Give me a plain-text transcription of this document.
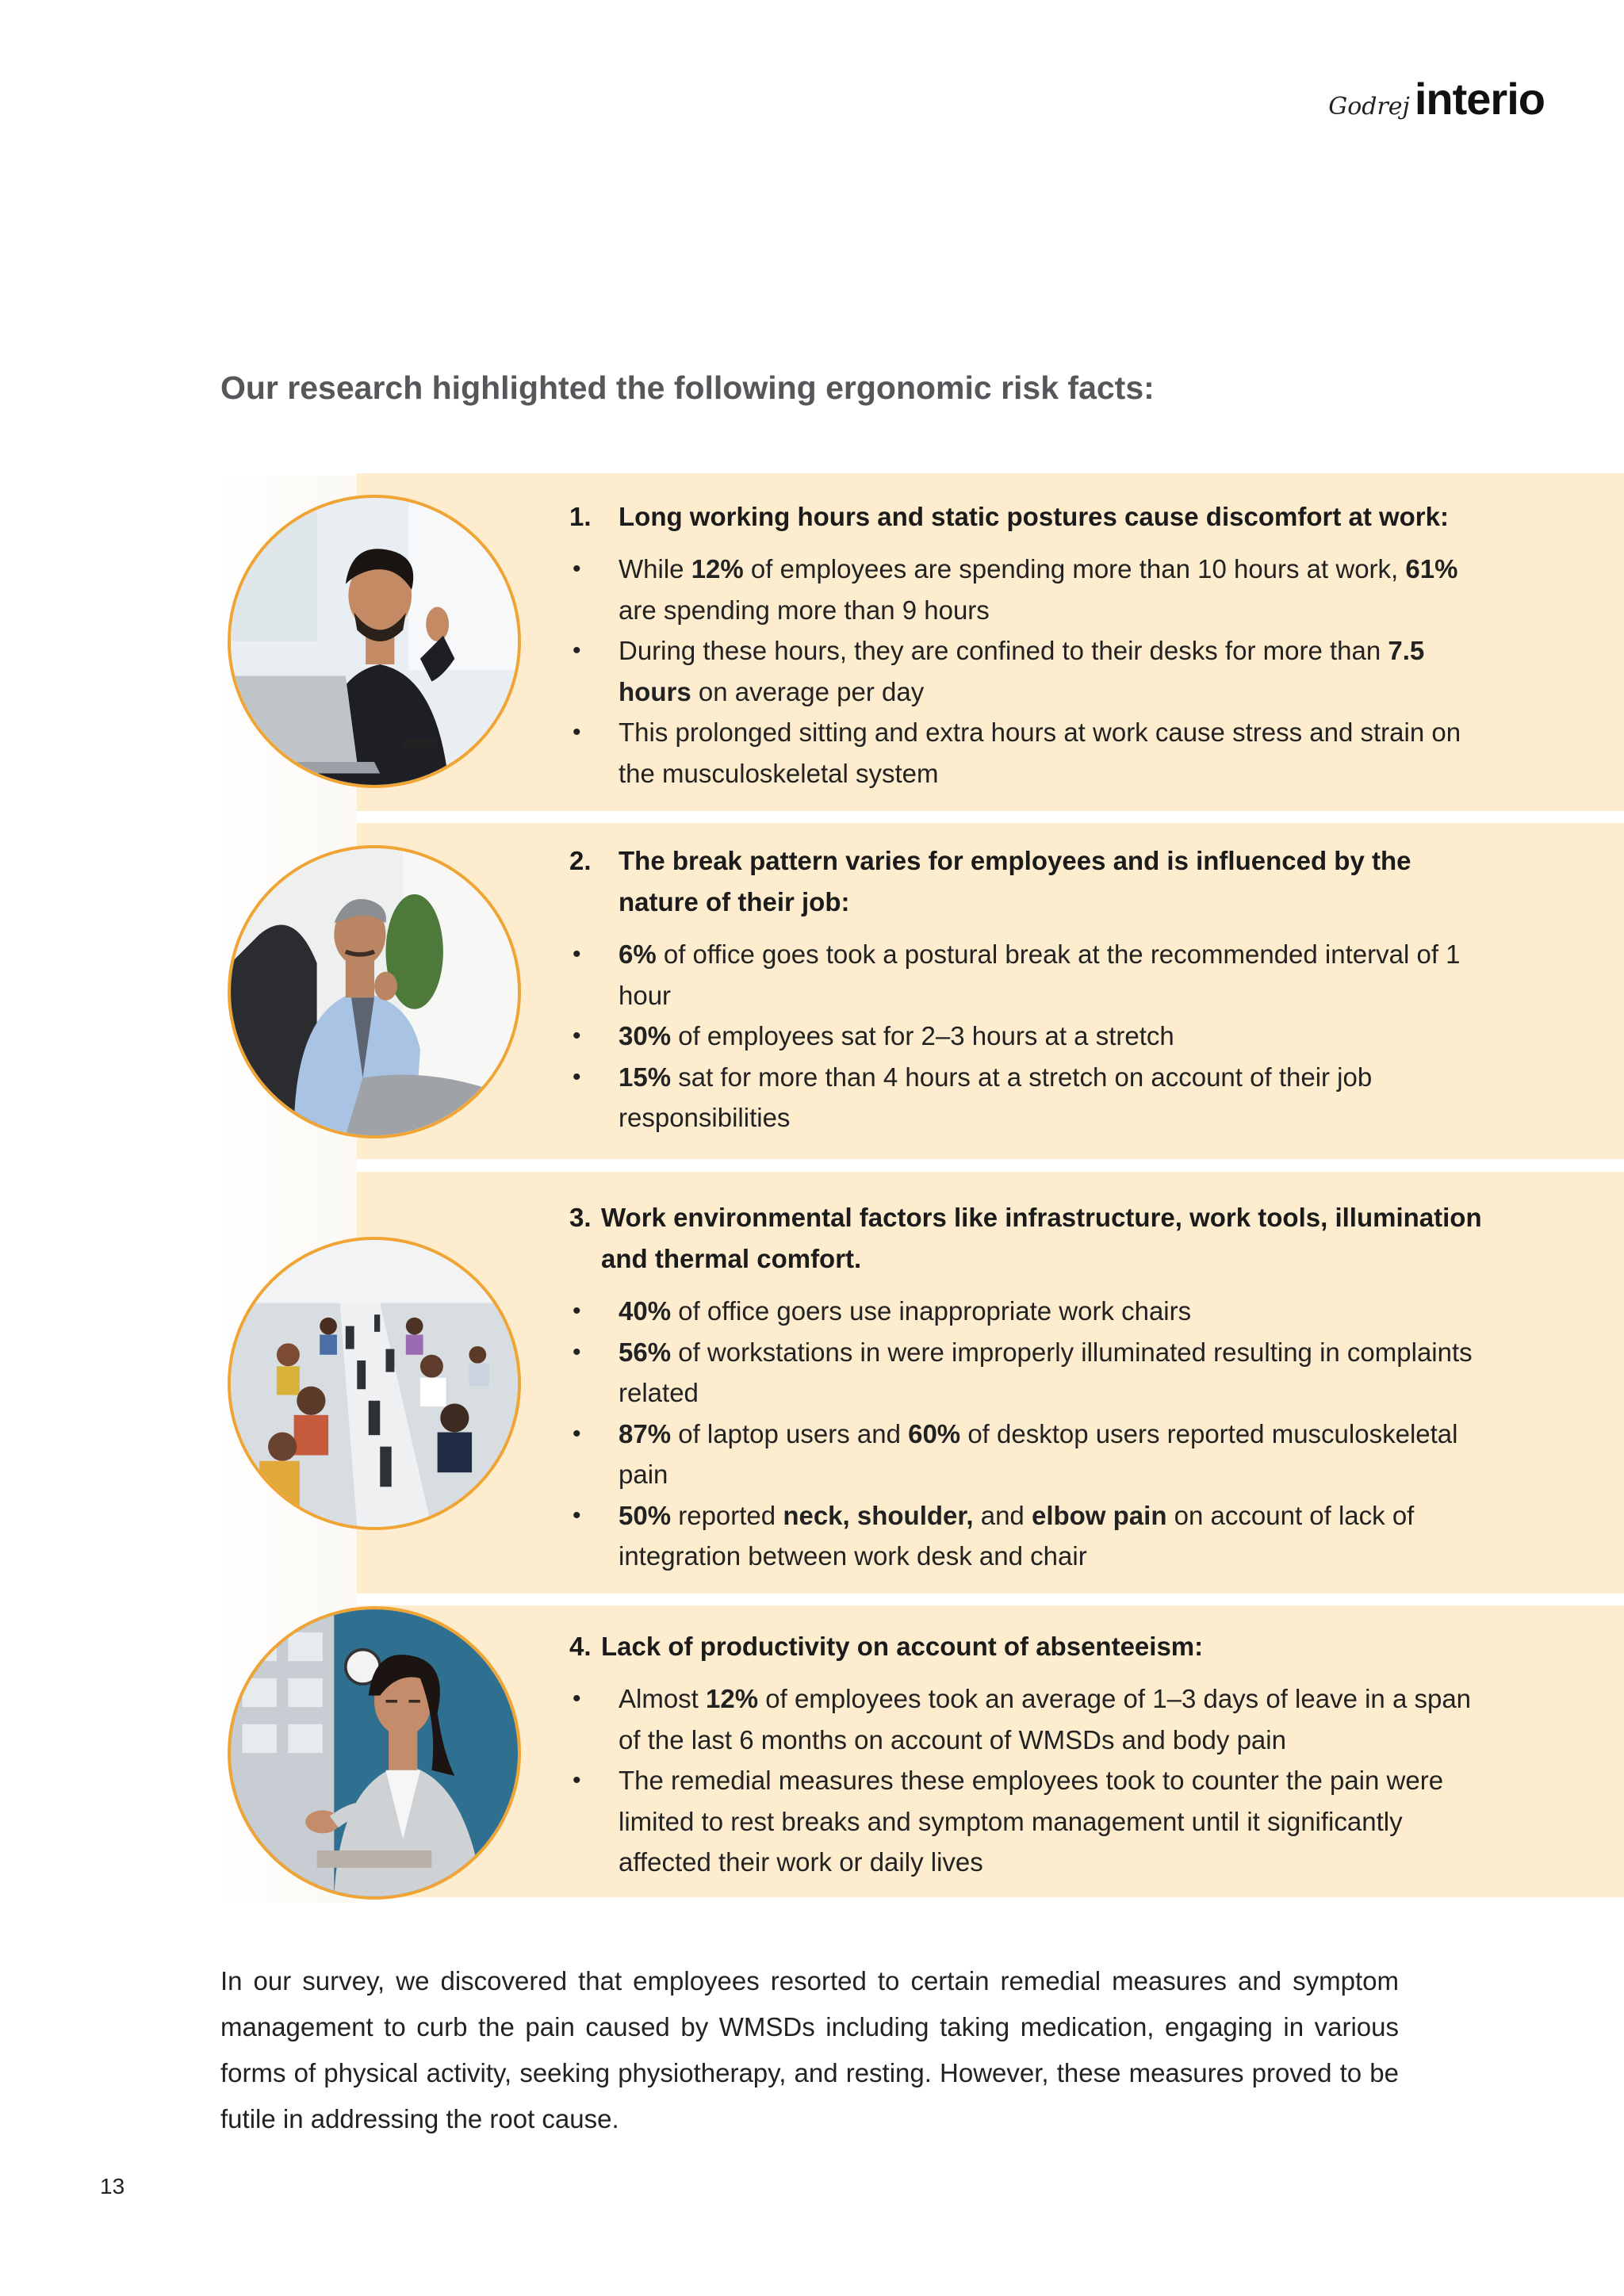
Godrej interio
Our research highlighted the following ergonomic risk facts:
1.	Long working hours and static postures cause discomfort at work:
• While 12% of employees are spending more than 10 hours at work, 61% are spending more than 9 hours
• During these hours, they are confined to their desks for more than 7.5 hours on average per day
• This prolonged sitting and extra hours at work cause stress and strain on the musculoskeletal system
2.	The break pattern varies for employees and is influenced by the nature of their job:
• 6% of office goes took a postural break at the recommended interval of 1 hour
• 30% of employees sat for 2–3 hours at a stretch
• 15% sat for more than 4 hours at a stretch on account of their job responsibilities
3. Work environmental factors like infrastructure, work tools, illumination and thermal comfort.
• 40% of office goers use inappropriate work chairs
• 56% of workstations in were improperly illuminated resulting in complaints related
• 87% of laptop users and 60% of desktop users reported musculoskeletal pain
• 50% reported neck, shoulder, and elbow pain on account of lack of integration between work desk and chair
4. Lack of productivity on account of absenteeism:
• Almost 12% of employees took an average of 1–3 days of leave in a span of the last 6 months on account of WMSDs and body pain
• The remedial measures these employees took to counter the pain were limited to rest breaks and symptom management until it significantly affected their work or daily lives

In our survey, we discovered that employees resorted to certain remedial measures and symptom management to curb the pain caused by WMSDs including taking medication, engaging in various forms of physical activity, seeking physiotherapy, and resting. However, these measures proved to be futile in addressing the root cause.

13
